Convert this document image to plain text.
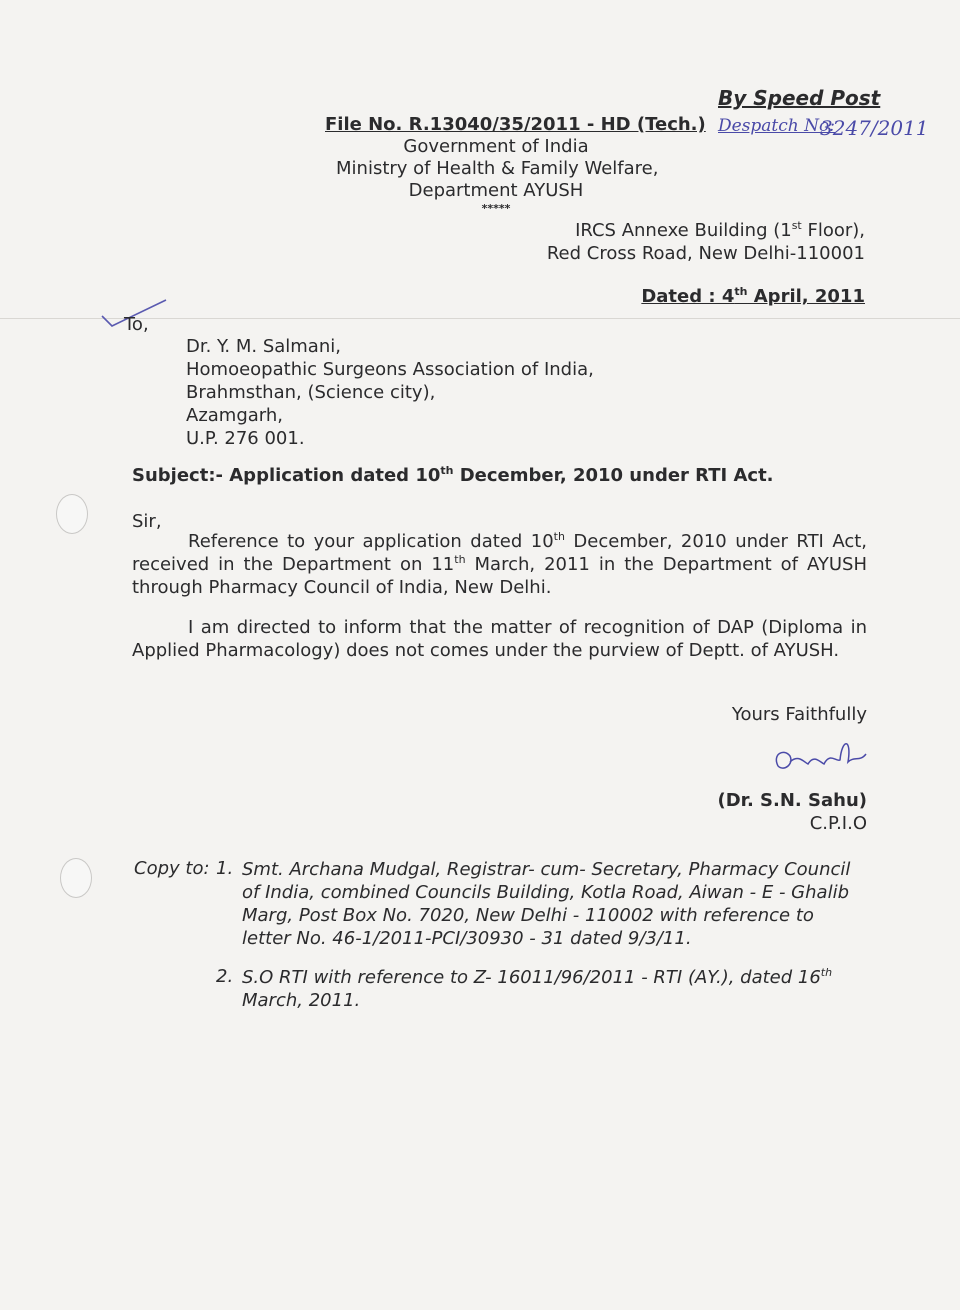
By Speed Post
Despatch No:
3247/2011
File No. R.13040/35/2011 - HD (Tech.)
Government of India
Ministry of Health & Family Welfare,
Department AYUSH
*****
IRCS Annexe Building (1st Floor),
Red Cross Road, New Delhi-110001
Dated : 4th April, 2011
To,
Dr. Y. M. Salmani,
Homoeopathic Surgeons Association of India,
Brahmsthan, (Science city),
Azamgarh,
U.P. 276 001.
Subject:- Application dated 10th December, 2010 under RTI Act.
Sir,
Reference to your application dated 10th December, 2010 under RTI Act, received in the Department on 11th March, 2011 in the Department of AYUSH through Pharmacy Council of India, New Delhi.
I am directed to inform that the matter of recognition of DAP (Diploma in Applied Pharmacology) does not comes under the purview of Deptt. of AYUSH.
Yours Faithfully
(Dr. S.N. Sahu)
C.P.I.O
Copy to: 1. Smt. Archana Mudgal, Registrar- cum- Secretary, Pharmacy Council of India, combined Councils Building, Kotla Road, Aiwan - E - Ghalib Marg, Post Box No. 7020, New Delhi - 110002 with reference to letter No. 46-1/2011-PCI/30930 - 31 dated 9/3/11.
2. S.O RTI with reference to Z- 16011/96/2011 - RTI (AY.), dated 16th March, 2011.
